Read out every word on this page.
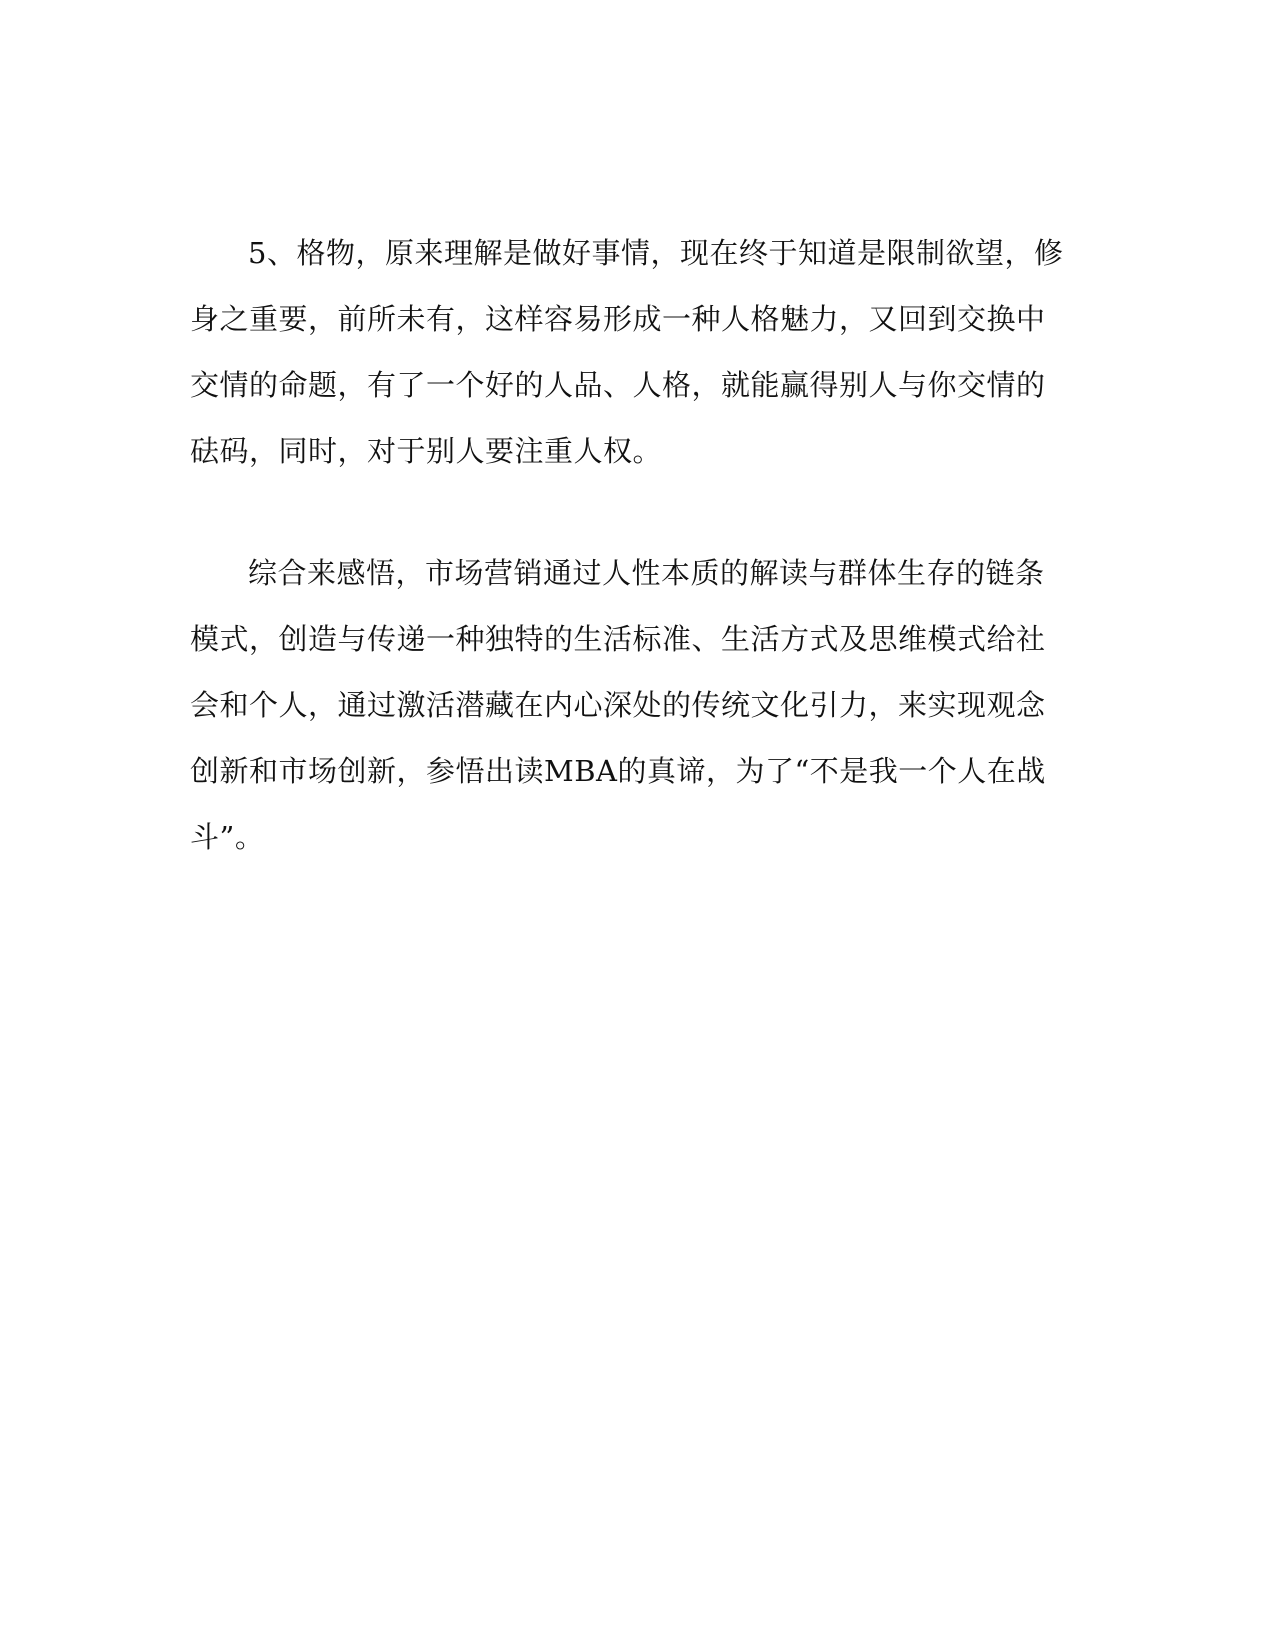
5、格物，原来理解是做好事情，现在终于知道是限制欲望，修身之重要，前所未有，这样容易形成一种人格魅力，又回到交换中交情的命题，有了一个好的人品、人格，就能赢得别人与你交情的砝码，同时，对于别人要注重人权。

综合来感悟，市场营销通过人性本质的解读与群体生存的链条模式，创造与传递一种独特的生活标准、生活方式及思维模式给社会和个人，通过激活潜藏在内心深处的传统文化引力，来实现观念创新和市场创新，参悟出读MBA的真谛，为了“不是我一个人在战斗”。
